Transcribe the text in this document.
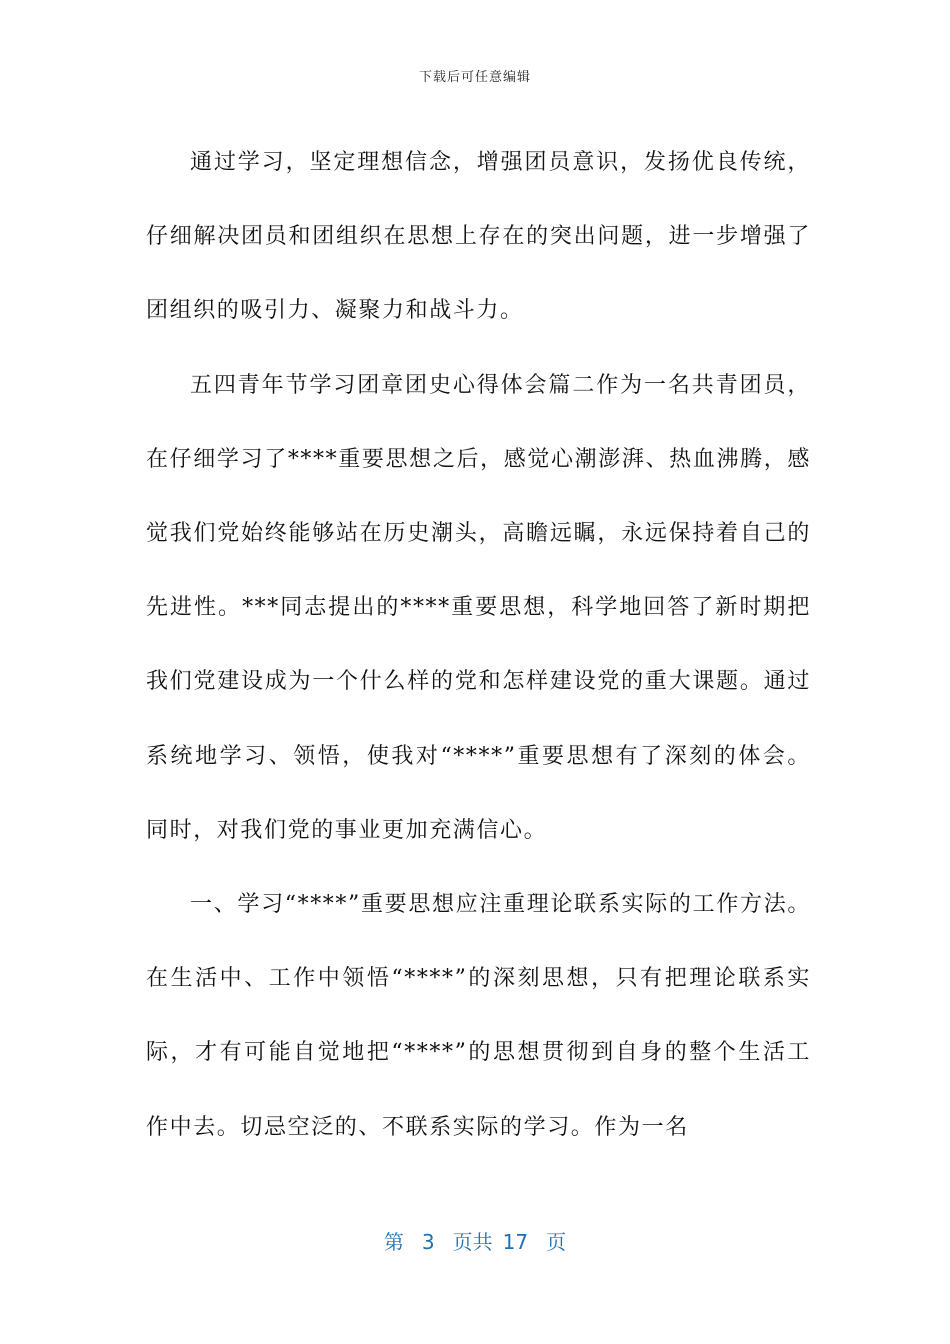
下载后可任意编辑

通过学习，坚定理想信念，增强团员意识，发扬优良传统，仔细解决团员和团组织在思想上存在的突出问题，进一步增强了团组织的吸引力、凝聚力和战斗力。

五四青年节学习团章团史心得体会篇二作为一名共青团员，在仔细学习了****重要思想之后，感觉心潮澎湃、热血沸腾，感觉我们党始终能够站在历史潮头，高瞻远瞩，永远保持着自己的先进性。***同志提出的****重要思想，科学地回答了新时期把我们党建设成为一个什么样的党和怎样建设党的重大课题。通过系统地学习、领悟，使我对“****”重要思想有了深刻的体会。同时，对我们党的事业更加充满信心。

一、学习“****”重要思想应注重理论联系实际的工作方法。在生活中、工作中领悟“****”的深刻思想，只有把理论联系实际，才有可能自觉地把“****”的思想贯彻到自身的整个生活工作中去。切忌空泛的、不联系实际的学习。作为一名

第 3 页共 17 页
